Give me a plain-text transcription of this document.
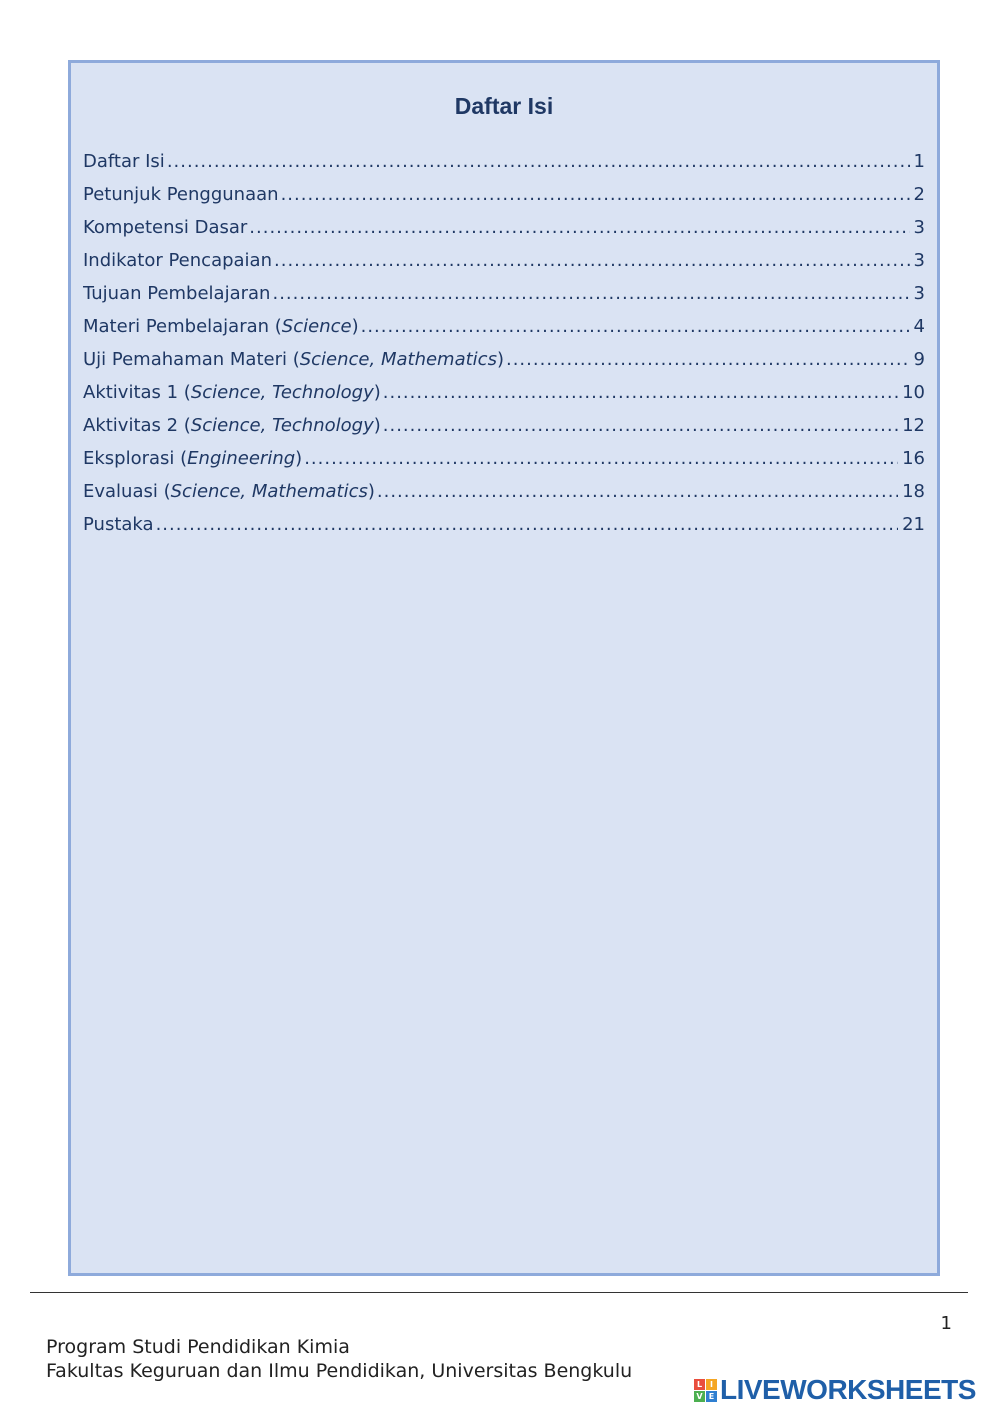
Daftar Isi
Daftar Isi .....	1
Petunjuk Penggunaan .....	2
Kompetensi Dasar .....	3
Indikator Pencapaian .....	3
Tujuan Pembelajaran .....	3
Materi Pembelajaran (Science) .....	4
Uji Pemahaman Materi (Science, Mathematics) .....	9
Aktivitas 1 (Science, Technology) .....	10
Aktivitas 2 (Science, Technology) .....	12
Eksplorasi (Engineering) .....	16
Evaluasi (Science, Mathematics) .....	18
Pustaka .....	21
1
Program Studi Pendidikan Kimia
Fakultas Keguruan dan Ilmu Pendidikan, Universitas Bengkulu
L I
V E LIVEWORKSHEETS
